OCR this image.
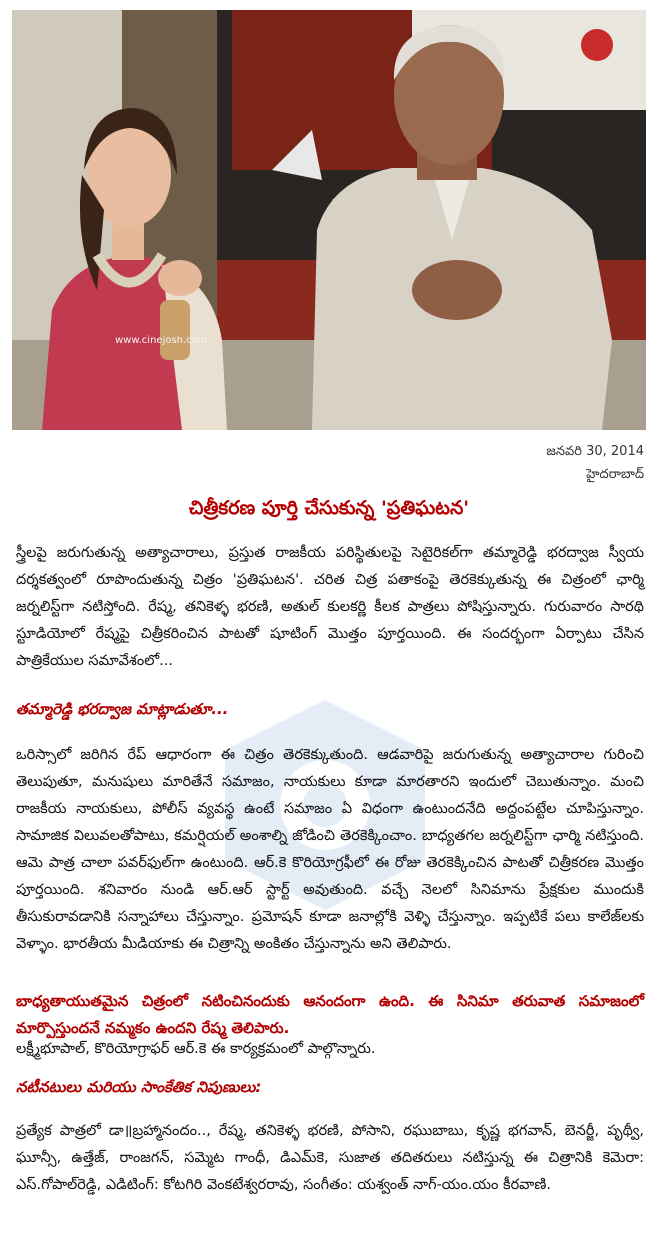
www.cinejosh.com
జనవరి 30, 2014
హైదరాబాద్
చిత్రీకరణ పూర్తి చేసుకున్న 'ప్రతిఘటన'

స్త్రీలపై జరుగుతున్న అత్యాచారాలు, ప్రస్తుత రాజకీయ పరిస్థితులపై సెటైరికల్‌గా తమ్మారెడ్డి భరద్వాజ స్వీయ దర్శకత్వంలో రూపొందుతున్న చిత్రం 'ప్రతిఘటన'. చరిత చిత్ర పతాకంపై తెరకెక్కుతున్న ఈ చిత్రంలో ఛార్మి జర్నలిస్ట్‌గా నటిస్తోంది. రేష్మ, తనికెళ్ళ భరణి, అతుల్ కులకర్ణి కీలక పాత్రలు పోషిస్తున్నారు. గురువారం సారథి స్టూడియోలో రేష్మపై చిత్రీకరించిన పాటతో షూటింగ్ మొత్తం పూర్తయింది. ఈ సందర్భంగా ఏర్పాటు చేసిన పాత్రికేయుల సమావేశంలో...

తమ్మారెడ్డి భరద్వాజ మాట్లాడుతూ...

ఒరిస్సాలో జరిగిన రేప్ ఆధారంగా ఈ చిత్రం తెరకెక్కుతుంది. ఆడవారిపై జరుగుతున్న అత్యాచారాల గురించి తెలుపుతూ, మనుషులు మారితేనే సమాజం, నాయకులు కూడా మారతారని ఇందులో చెబుతున్నాం. మంచి రాజకీయ నాయకులు, పోలీస్ వ్యవస్థ ఉంటే సమాజం ఏ విధంగా ఉంటుందనేది అద్దంపట్టేల చూపిస్తున్నాం. సామాజిక విలువలతోపాటు, కమర్షియల్ అంశాల్ని జోడించి తెరకెక్కించాం. బాధ్యతగల జర్నలిస్ట్‌గా ఛార్మి నటిస్తుంది. ఆమె పాత్ర చాలా పవర్‌ఫుల్‌గా ఉంటుంది. ఆర్.కె కొరియోగ్రఫీలో ఈ రోజు తెరకెక్కించిన పాటతో చిత్రీకరణ మొత్తం పూర్తయింది. శనివారం నుండి ఆర్.ఆర్ స్టార్ట్ అవుతుంది. వచ్చే నెలలో సినిమాను ప్రేక్షకుల ముందుకి తీసుకురావడానికి సన్నాహాలు చేస్తున్నాం. ప్రమోషన్ కూడా జనాల్లోకి వెళ్ళి చేస్తున్నాం. ఇప్పటికే పలు కాలేజ్‌లకు వెళ్ళాం. భారతీయ మీడియాకు ఈ చిత్రాన్ని అంకితం చేస్తున్నాను అని తెలిపారు.

బాధ్యతాయుతమైన చిత్రంలో నటించినందుకు ఆనందంగా ఉంది. ఈ సినిమా తరువాత సమాజంలో మార్పొస్తుందనే నమ్మకం ఉందని రేష్మ తెలిపారు.

లక్ష్మీభూపాల్, కొరియోగ్రాఫర్ ఆర్.కె ఈ కార్యక్రమంలో పాల్గొన్నారు.

నటీనటులు మరియు సాంకేతిక నిపుణులు:

ప్రత్యేక పాత్రలో డా॥బ్రహ్మానందం.., రేష్మ, తనికెళ్ళ భరణి, పోసాని, రఘుబాబు, కృష్ణ భగవాన్, బెనర్జీ, పృథ్వీ, ఘూన్సీ, ఉత్తేజ్, రాంజగన్, సమ్మెట గాంధీ, డిఎమ్‌కె, సుజాత తదితరులు నటిస్తున్న ఈ చిత్రానికి కెమెరా: ఎస్.గోపాల్‌రెడ్డి, ఎడిటింగ్: కోటగిరి వెంకటేశ్వరరావు, సంగీతం: యశ్వంత్ నాగ్-యం.యం కీరవాణి.
